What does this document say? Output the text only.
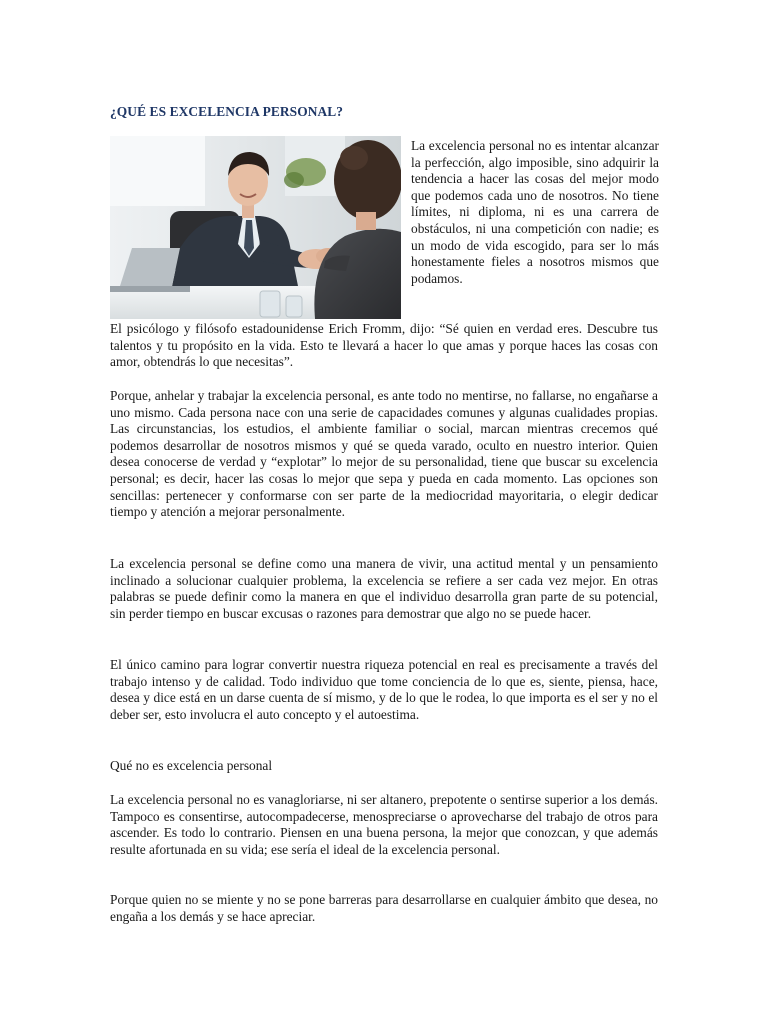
¿QUÉ ES EXCELENCIA PERSONAL?

La excelencia personal no es intentar alcanzar la perfección, algo imposible, sino adquirir la tendencia a hacer las cosas del mejor modo que podemos cada uno de nosotros. No tiene límites, ni diploma, ni es una carrera de obstáculos, ni una competición con nadie; es un modo de vida escogido, para ser lo más honestamente fieles a nosotros mismos que podamos.

El psicólogo y filósofo estadounidense Erich Fromm, dijo: “Sé quien en verdad eres. Descubre tus talentos y tu propósito en la vida. Esto te llevará a hacer lo que amas y porque haces las cosas con amor, obtendrás lo que necesitas”.

Porque, anhelar y trabajar la excelencia personal, es ante todo no mentirse, no fallarse, no engañarse a uno mismo. Cada persona nace con una serie de capacidades comunes y algunas cualidades propias. Las circunstancias, los estudios, el ambiente familiar o social, marcan mientras crecemos qué podemos desarrollar de nosotros mismos y qué se queda varado, oculto en nuestro interior. Quien desea conocerse de verdad y “explotar” lo mejor de su personalidad, tiene que buscar su excelencia personal; es decir, hacer las cosas lo mejor que sepa y pueda en cada momento. Las opciones son sencillas: pertenecer y conformarse con ser parte de la mediocridad mayoritaria, o elegir dedicar tiempo y atención a mejorar personalmente.

La excelencia personal se define como una manera de vivir, una actitud mental y un pensamiento inclinado a solucionar cualquier problema, la excelencia se refiere a ser cada vez mejor. En otras palabras se puede definir como la manera en que el individuo desarrolla gran parte de su potencial, sin perder tiempo en buscar excusas o razones para demostrar que algo no se puede hacer.

El único camino para lograr convertir nuestra riqueza potencial en real es precisamente a través del trabajo intenso y de calidad. Todo individuo que tome conciencia de lo que es, siente, piensa, hace, desea y dice está en un darse cuenta de sí mismo, y de lo que le rodea, lo que importa es el ser y no el deber ser, esto involucra el auto concepto y el autoestima.

Qué no es excelencia personal

La excelencia personal no es vanagloriarse, ni ser altanero, prepotente o sentirse superior a los demás. Tampoco es consentirse, autocompadecerse, menospreciarse o aprovecharse del trabajo de otros para ascender. Es todo lo contrario. Piensen en una buena persona, la mejor que conozcan, y que además resulte afortunada en su vida; ese sería el ideal de la excelencia personal.

Porque quien no se miente y no se pone barreras para desarrollarse en cualquier ámbito que desea, no engaña a los demás y se hace apreciar.
